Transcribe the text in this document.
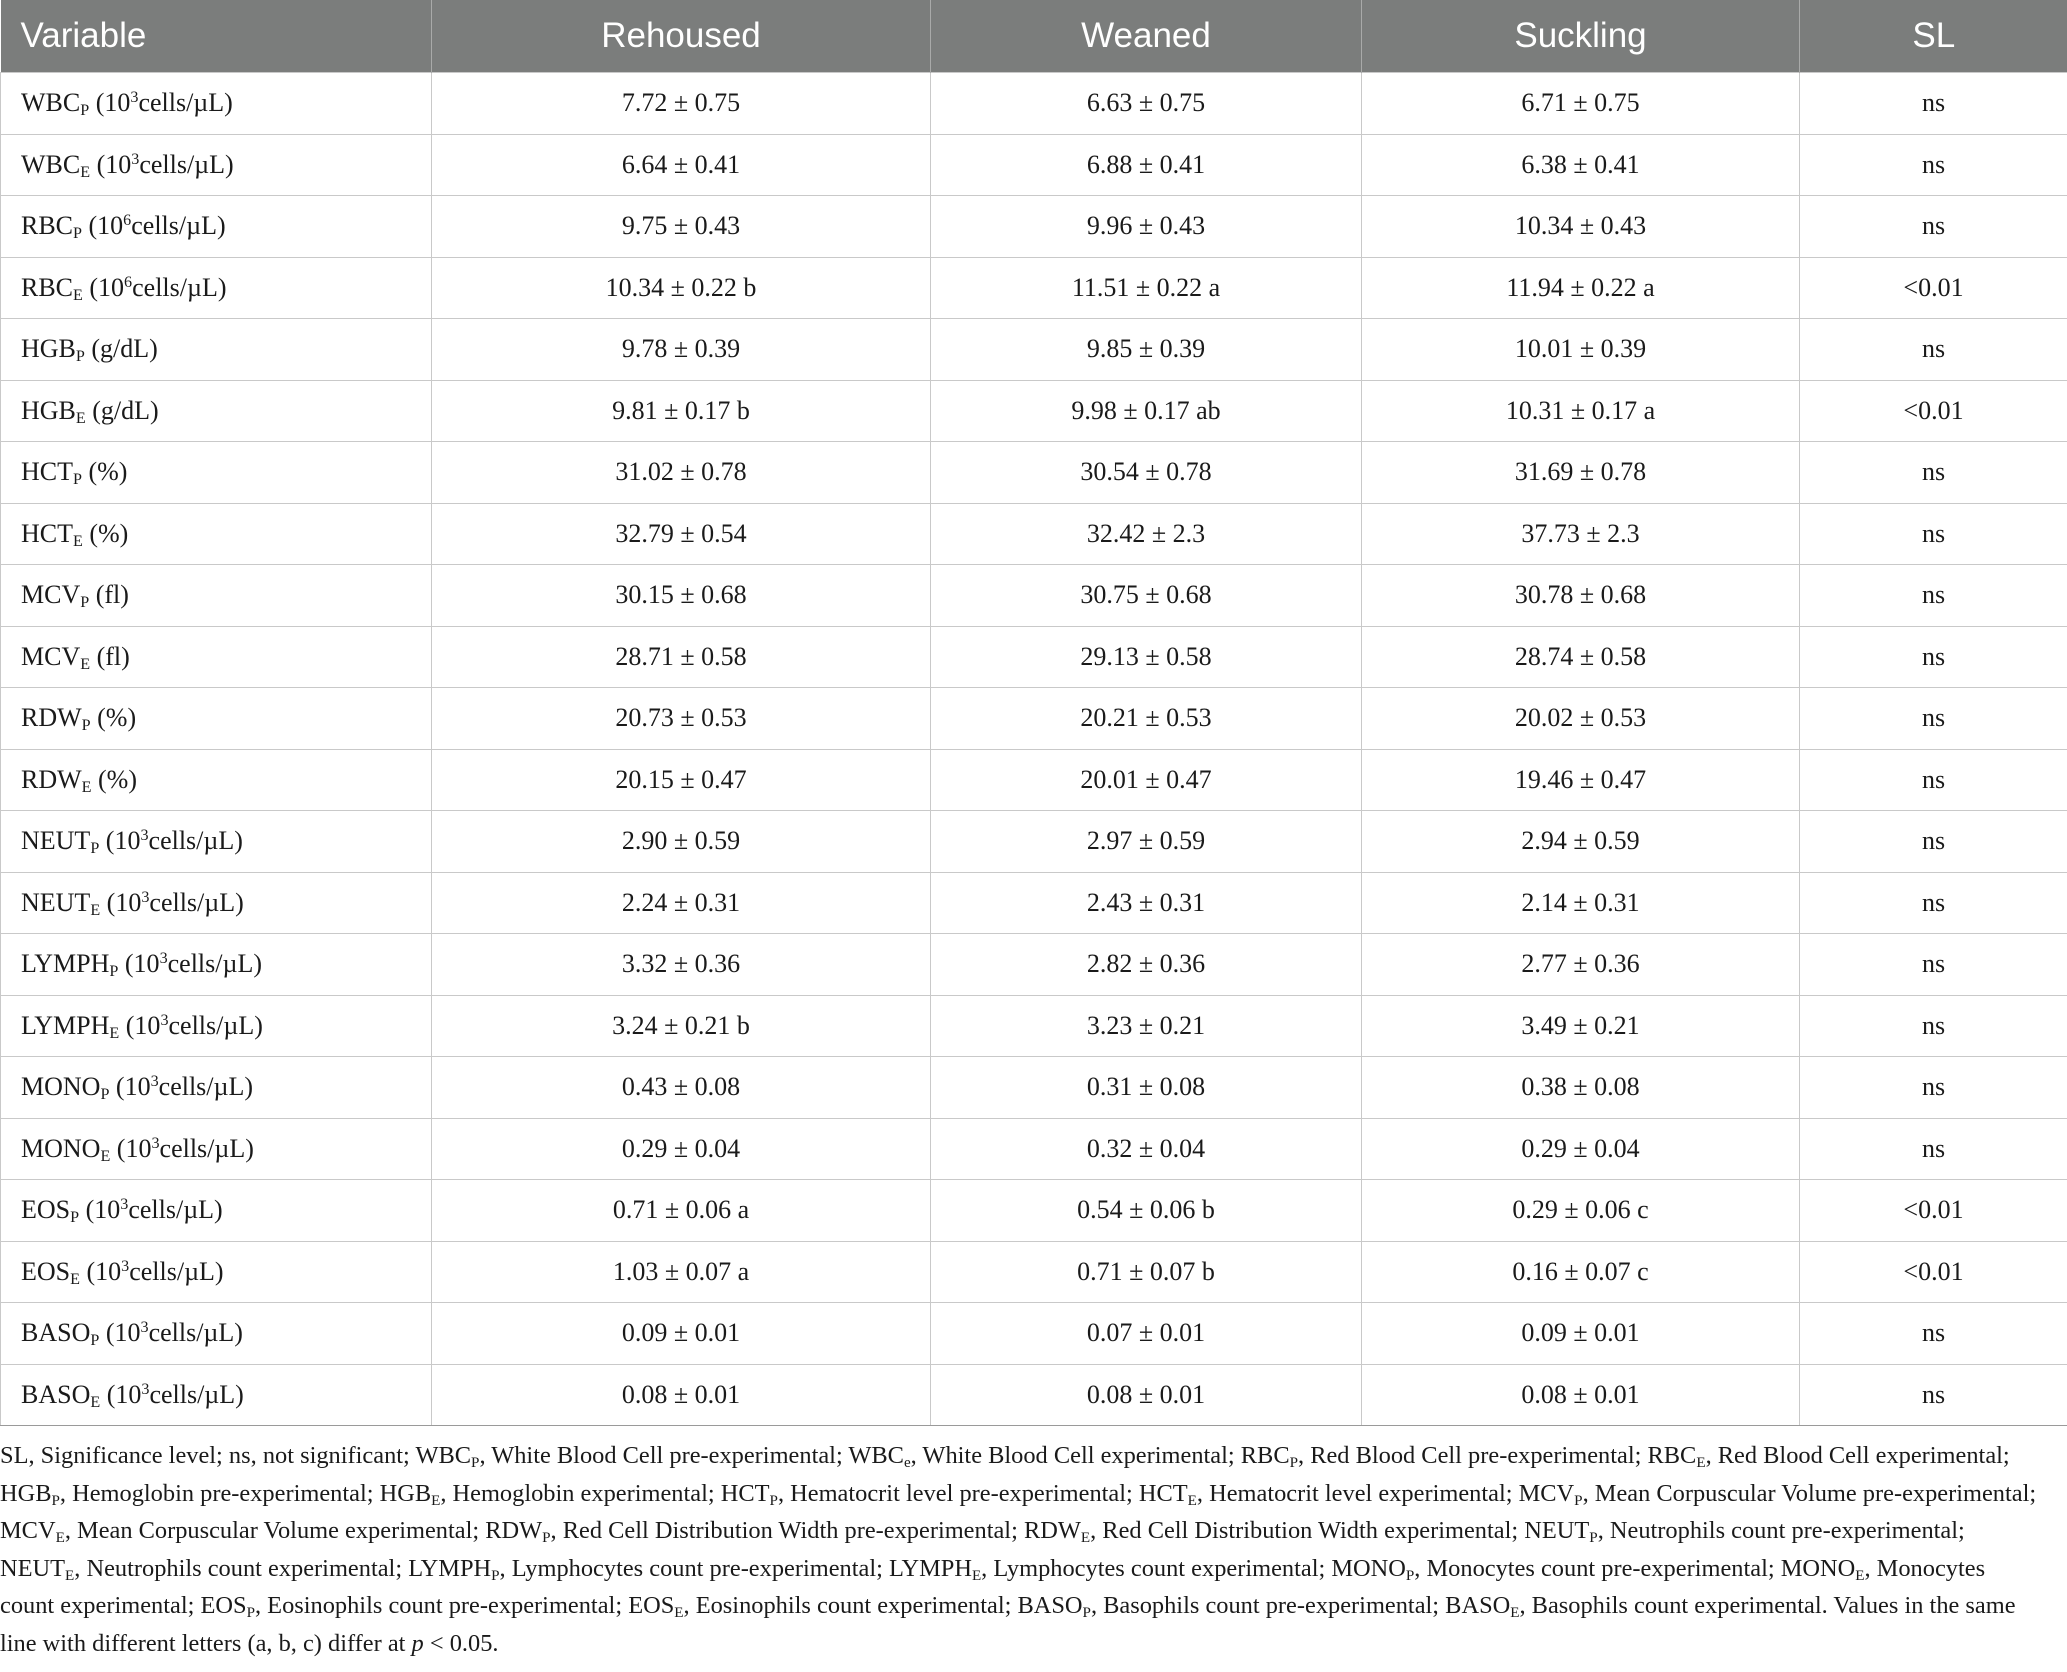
Variable	Rehoused	Weaned	Suckling	SL
$WBC_P$ $(10^3cells/\mu L)$	7.72 ± 0.75	6.63 ± 0.75	6.71 ± 0.75	ns
$WBC_E$ $(10^3cells/\mu L)$	6.64 ± 0.41	6.88 ± 0.41	6.38 ± 0.41	ns
$RBC_P$ $(10^6cells/\mu L)$	9.75 ± 0.43	9.96 ± 0.43	10.34 ± 0.43	ns
$RBC_E$ $(10^6cells/\mu L)$	10.34 ± 0.22 b	11.51 ± 0.22 a	11.94 ± 0.22 a	<0.01
$HGB_P$ (g/dL)	9.78 ± 0.39	9.85 ± 0.39	10.01 ± 0.39	ns
$HGB_E$ (g/dL)	9.81 ± 0.17 b	9.98 ± 0.17 ab	10.31 ± 0.17 a	<0.01
$HCT_P$ (%)	31.02 ± 0.78	30.54 ± 0.78	31.69 ± 0.78	ns
$HCT_E$ (%)	32.79 ± 0.54	32.42 ± 2.3	37.73 ± 2.3	ns
$MCV_P$ (fl)	30.15 ± 0.68	30.75 ± 0.68	30.78 ± 0.68	ns
$MCV_E$ (fl)	28.71 ± 0.58	29.13 ± 0.58	28.74 ± 0.58	ns
$RDW_P$ (%)	20.73 ± 0.53	20.21 ± 0.53	20.02 ± 0.53	ns
$RDW_E$ (%)	20.15 ± 0.47	20.01 ± 0.47	19.46 ± 0.47	ns
$NEUT_P$ $(10^3cells/\mu L)$	2.90 ± 0.59	2.97 ± 0.59	2.94 ± 0.59	ns
$NEUT_E$ $(10^3cells/\mu L)$	2.24 ± 0.31	2.43 ± 0.31	2.14 ± 0.31	ns
$LYMPH_P$ $(10^3cells/\mu L)$	3.32 ± 0.36	2.82 ± 0.36	2.77 ± 0.36	ns
$LYMPH_E$ $(10^3cells/\mu L)$	3.24 ± 0.21 b	3.23 ± 0.21	3.49 ± 0.21	ns
$MONO_P$ $(10^3cells/\mu L)$	0.43 ± 0.08	0.31 ± 0.08	0.38 ± 0.08	ns
$MONO_E$ $(10^3cells/\mu L)$	0.29 ± 0.04	0.32 ± 0.04	0.29 ± 0.04	ns
$EOS_P$ $(10^3cells/\mu L)$	0.71 ± 0.06 a	0.54 ± 0.06 b	0.29 ± 0.06 c	<0.01
$EOS_E$ $(10^3cells/\mu L)$	1.03 ± 0.07 a	0.71 ± 0.07 b	0.16 ± 0.07 c	<0.01
$BASO_P$ $(10^3cells/\mu L)$	0.09 ± 0.01	0.07 ± 0.01	0.09 ± 0.01	ns
$BASO_E$ $(10^3cells/\mu L)$	0.08 ± 0.01	0.08 ± 0.01	0.08 ± 0.01	ns
SL, Significance level; ns, not significant; $WBC_P$, White Blood Cell pre-experimental; $WBC_e$, White Blood Cell experimental; $RBC_P$, Red Blood Cell pre-experimental; $RBC_E$, Red Blood Cell experimental; $HGB_P$, Hemoglobin pre-experimental; $HGB_E$, Hemoglobin experimental; $HCT_P$, Hematocrit level pre-experimental; $HCT_E$, Hematocrit level experimental; $MCV_P$, Mean Corpuscular Volume pre-experimental; $MCV_E$, Mean Corpuscular Volume experimental; $RDW_P$, Red Cell Distribution Width pre-experimental; $RDW_E$, Red Cell Distribution Width experimental; $NEUT_P$, Neutrophils count pre-experimental; $NEUT_E$, Neutrophils count experimental; $LYMPH_P$, Lymphocytes count pre-experimental; $LYMPH_E$, Lymphocytes count experimental; $MONO_P$, Monocytes count pre-experimental; $MONO_E$, Monocytes count experimental; $EOS_P$, Eosinophils count pre-experimental; $EOS_E$, Eosinophils count experimental; $BASO_P$, Basophils count pre-experimental; $BASO_E$, Basophils count experimental. Values in the same line with different letters (a, b, c) differ at p < 0.05.
